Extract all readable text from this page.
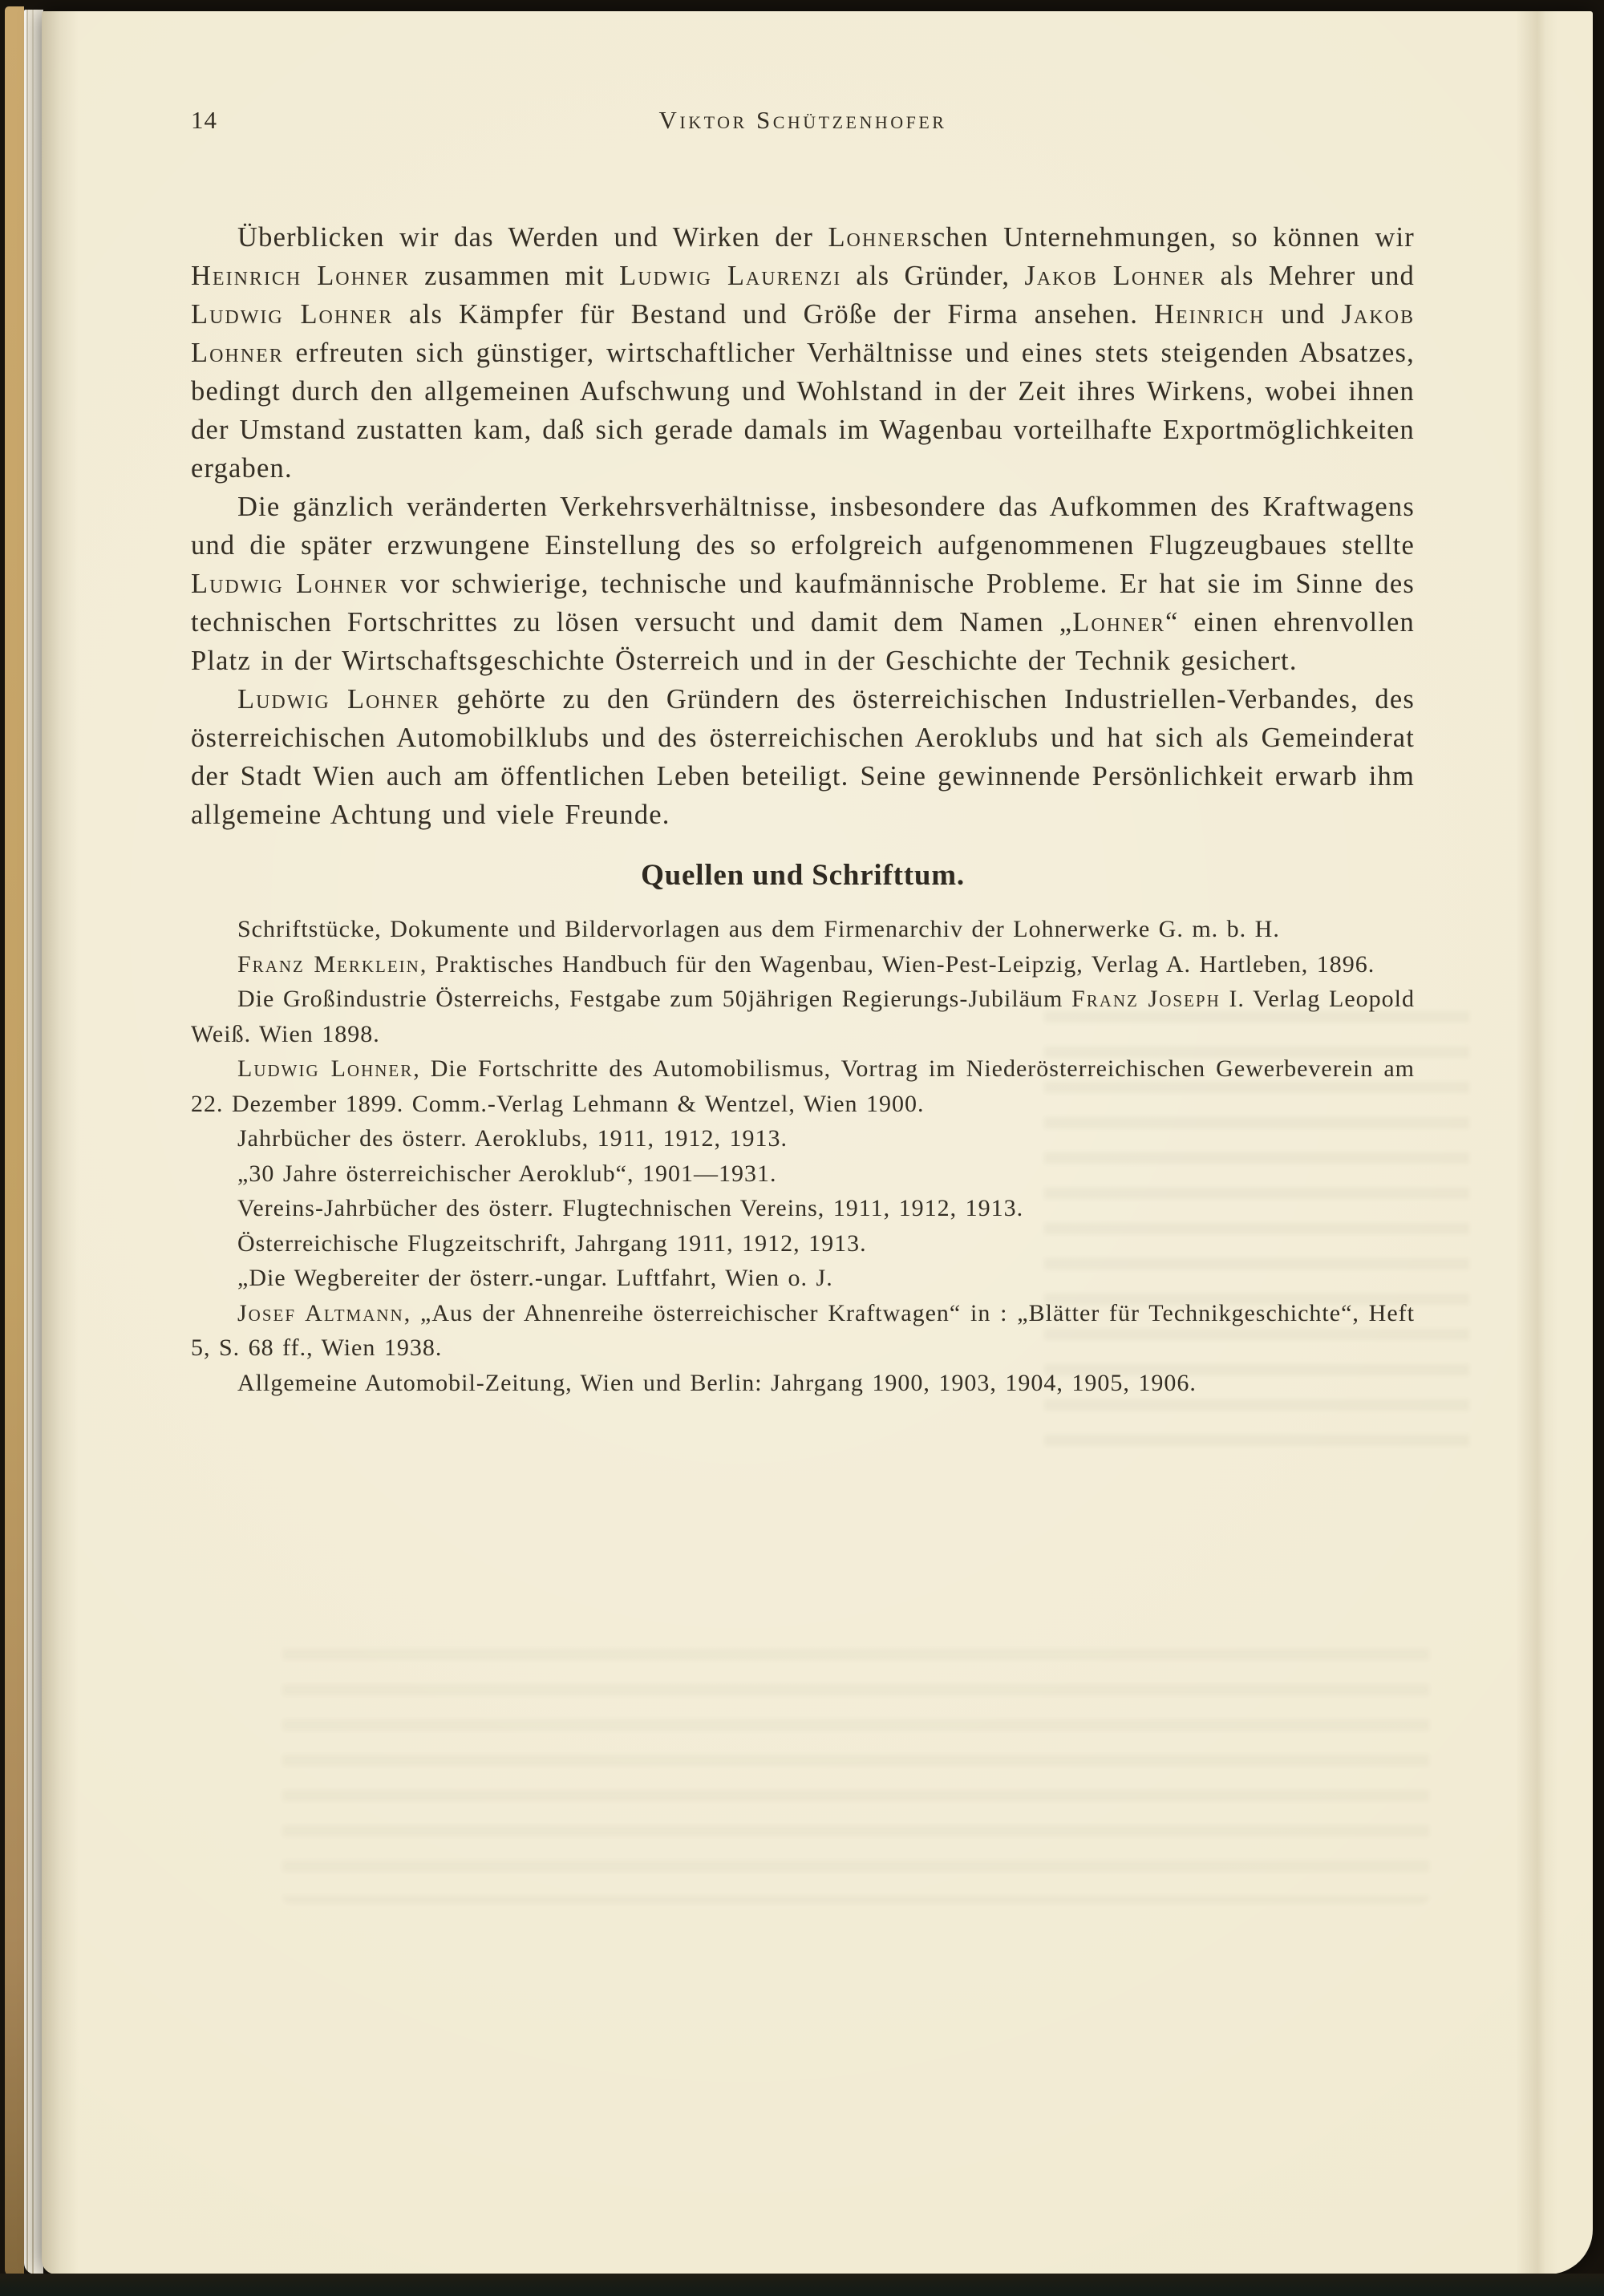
14	Viktor Schützenhofer

Überblicken wir das Werden und Wirken der Lohnerschen Unternehmungen, so können wir Heinrich Lohner zusammen mit Ludwig Laurenzi als Gründer, Jakob Lohner als Mehrer und Ludwig Lohner als Kämpfer für Bestand und Größe der Firma ansehen. Heinrich und Jakob Lohner erfreuten sich günstiger, wirtschaftlicher Verhältnisse und eines stets steigenden Absatzes, bedingt durch den allgemeinen Aufschwung und Wohlstand in der Zeit ihres Wirkens, wobei ihnen der Umstand zustatten kam, daß sich gerade damals im Wagenbau vorteilhafte Exportmöglichkeiten ergaben.

Die gänzlich veränderten Verkehrsverhältnisse, insbesondere das Aufkommen des Kraftwagens und die später erzwungene Einstellung des so erfolgreich aufgenommenen Flugzeugbaues stellte Ludwig Lohner vor schwierige, technische und kaufmännische Probleme. Er hat sie im Sinne des technischen Fortschrittes zu lösen versucht und damit dem Namen „Lohner“ einen ehrenvollen Platz in der Wirtschaftsgeschichte Österreich und in der Geschichte der Technik gesichert.

Ludwig Lohner gehörte zu den Gründern des österreichischen Industriellen-Verbandes, des österreichischen Automobilklubs und des österreichischen Aeroklubs und hat sich als Gemeinderat der Stadt Wien auch am öffentlichen Leben beteiligt. Seine gewinnende Persönlichkeit erwarb ihm allgemeine Achtung und viele Freunde.

Quellen und Schrifttum.

Schriftstücke, Dokumente und Bildervorlagen aus dem Firmenarchiv der Lohnerwerke G. m. b. H.

Franz Merklein, Praktisches Handbuch für den Wagenbau, Wien-Pest-Leipzig, Verlag A. Hartleben, 1896.

Die Großindustrie Österreichs, Festgabe zum 50jährigen Regierungs-Jubiläum Franz Joseph I. Verlag Leopold Weiß. Wien 1898.

Ludwig Lohner, Die Fortschritte des Automobilismus, Vortrag im Niederösterreichischen Gewerbeverein am 22. Dezember 1899. Comm.-Verlag Lehmann & Wentzel, Wien 1900.

Jahrbücher des österr. Aeroklubs, 1911, 1912, 1913.

„30 Jahre österreichischer Aeroklub“, 1901—1931.

Vereins-Jahrbücher des österr. Flugtechnischen Vereins, 1911, 1912, 1913.

Österreichische Flugzeitschrift, Jahrgang 1911, 1912, 1913.

„Die Wegbereiter der österr.-ungar. Luftfahrt, Wien o. J.

Josef Altmann, „Aus der Ahnenreihe österreichischer Kraftwagen“ in : „Blätter für Technikgeschichte“, Heft 5, S. 68 ff., Wien 1938.

Allgemeine Automobil-Zeitung, Wien und Berlin: Jahrgang 1900, 1903, 1904, 1905, 1906.
